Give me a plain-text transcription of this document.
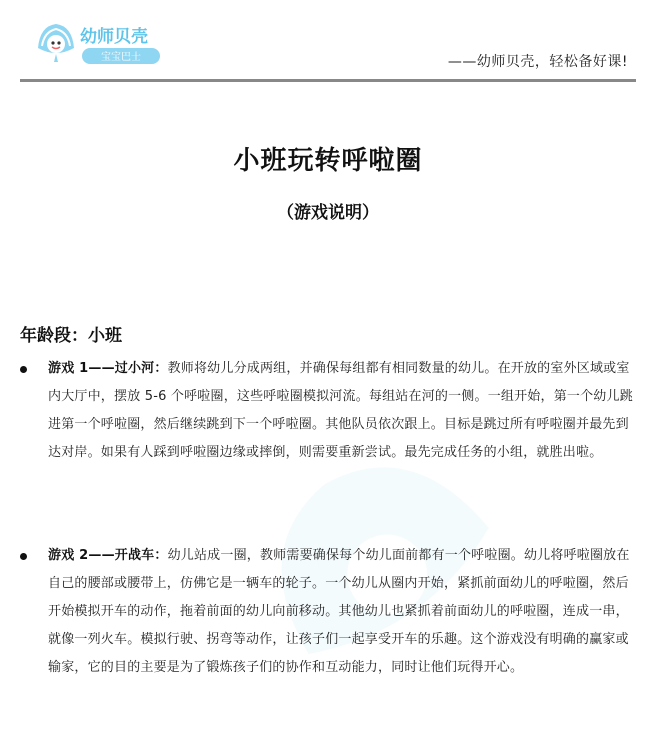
幼师贝壳
宝宝巴士	——幼师贝壳，轻松备好课!
小班玩转呼啦圈
（游戏说明）
年龄段：小班
游戏 1——过小河：教师将幼儿分成两组，并确保每组都有相同数量的幼儿。在开放的室外区域或室内大厅中，摆放 5-6 个呼啦圈，这些呼啦圈模拟河流。每组站在河的一侧。一组开始，第一个幼儿跳进第一个呼啦圈，然后继续跳到下一个呼啦圈。其他队员依次跟上。目标是跳过所有呼啦圈并最先到达对岸。如果有人踩到呼啦圈边缘或摔倒，则需要重新尝试。最先完成任务的小组，就胜出啦。
游戏 2——开战车：幼儿站成一圈，教师需要确保每个幼儿面前都有一个呼啦圈。幼儿将呼啦圈放在自己的腰部或腰带上，仿佛它是一辆车的轮子。一个幼儿从圈内开始，紧抓前面幼儿的呼啦圈，然后开始模拟开车的动作，拖着前面的幼儿向前移动。其他幼儿也紧抓着前面幼儿的呼啦圈，连成一串，就像一列火车。模拟行驶、拐弯等动作，让孩子们一起享受开车的乐趣。这个游戏没有明确的赢家或输家，它的目的主要是为了锻炼孩子们的协作和互动能力，同时让他们玩得开心。
